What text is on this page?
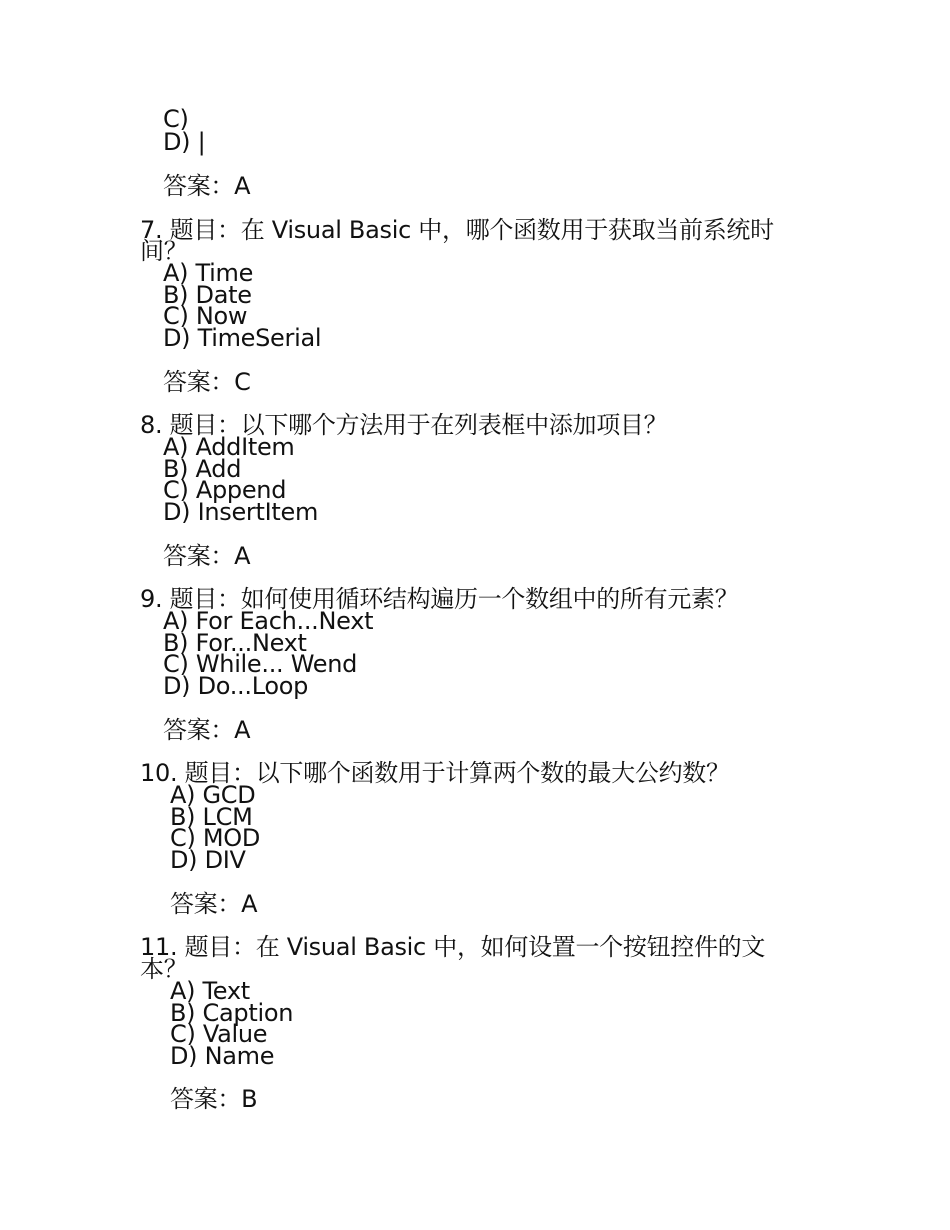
C)
D) |
答案：A
7. 题目：在 Visual Basic 中，哪个函数用于获取当前系统时
间？
A) Time
B) Date
C) Now
D) TimeSerial
答案：C
8. 题目：以下哪个方法用于在列表框中添加项目？
A) AddItem
B) Add
C) Append
D) InsertItem
答案：A
9. 题目：如何使用循环结构遍历一个数组中的所有元素？
A) For Each...Next
B) For...Next
C) While... Wend
D) Do...Loop
答案：A
10. 题目：以下哪个函数用于计算两个数的最大公约数？
A) GCD
B) LCM
C) MOD
D) DIV
答案：A
11. 题目：在 Visual Basic 中，如何设置一个按钮控件的文
本？
A) Text
B) Caption
C) Value
D) Name
答案：B
